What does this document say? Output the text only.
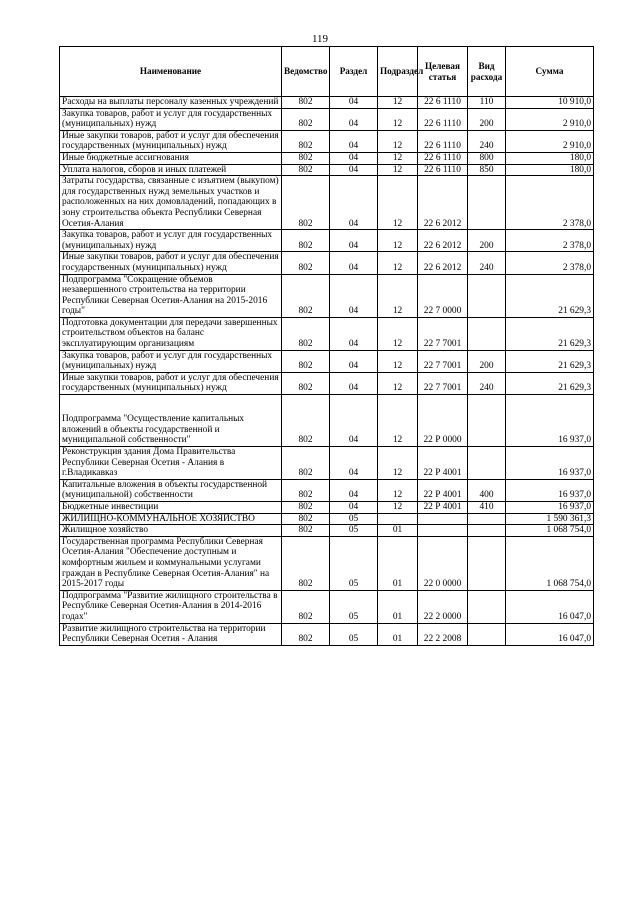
119
Наименование	Ведомство	Раздел	Подраздел	Целевая статья	Вид расхода	Сумма
Расходы на выплаты персоналу казенных учреждений	802	04	12	22 6 1110	110	10 910,0
Закупка товаров, работ и услуг для государственных (муниципальных) нужд	802	04	12	22 6 1110	200	2 910,0
Иные закупки товаров, работ и услуг для обеспечения государственных (муниципальных) нужд	802	04	12	22 6 1110	240	2 910,0
Иные бюджетные ассигнования	802	04	12	22 6 1110	800	180,0
Уплата налогов, сборов и иных платежей	802	04	12	22 6 1110	850	180,0
Затраты государства, связанные с изъятием (выкупом) для государственных нужд земельных участков и расположенных на них домовладений, попадающих в зону строительства объекта Республики Северная Осетия-Алания	802	04	12	22 6 2012		2 378,0
Закупка товаров, работ и услуг для государственных (муниципальных) нужд	802	04	12	22 6 2012	200	2 378,0
Иные закупки товаров, работ и услуг для обеспечения государственных (муниципальных) нужд	802	04	12	22 6 2012	240	2 378,0
Подпрограмма "Сокращение объемов незавершенного строительства на территории Республики Северная Осетия-Алания на 2015-2016 годы"	802	04	12	22 7 0000		21 629,3
Подготовка документации для передачи завершенных строительством объектов на баланс эксплуатирующим организациям	802	04	12	22 7 7001		21 629,3
Закупка товаров, работ и услуг для государственных (муниципальных) нужд	802	04	12	22 7 7001	200	21 629,3
Иные закупки товаров, работ и услуг для обеспечения государственных (муниципальных) нужд	802	04	12	22 7 7001	240	21 629,3
Подпрограмма "Осуществление капитальных вложений в объекты государственной и муниципальной собственности"	802	04	12	22 Р 0000		16 937,0
Реконструкция здания Дома Правительства Республики Северная Осетия - Алания в г.Владикавказ	802	04	12	22 Р 4001		16 937,0
Капитальные вложения в объекты государственной (муниципальной) собственности	802	04	12	22 Р 4001	400	16 937,0
Бюджетные инвестиции	802	04	12	22 Р 4001	410	16 937,0
ЖИЛИЩНО-КОММУНАЛЬНОЕ ХОЗЯЙСТВО	802	05				1 590 361,3
Жилищное хозяйство	802	05	01			1 068 754,0
Государственная программа Республики Северная Осетия-Алания "Обеспечение доступным и комфортным жильем и коммунальными услугами граждан в Республике Северная Осетия-Алания" на 2015-2017 годы	802	05	01	22 0 0000		1 068 754,0
Подпрограмма "Развитие жилищного строительства в Республике Северная Осетия-Алания в 2014-2016 годах"	802	05	01	22 2 0000		16 047,0
Развитие жилищного строительства на территории Республики Северная Осетия - Алания	802	05	01	22 2 2008		16 047,0
